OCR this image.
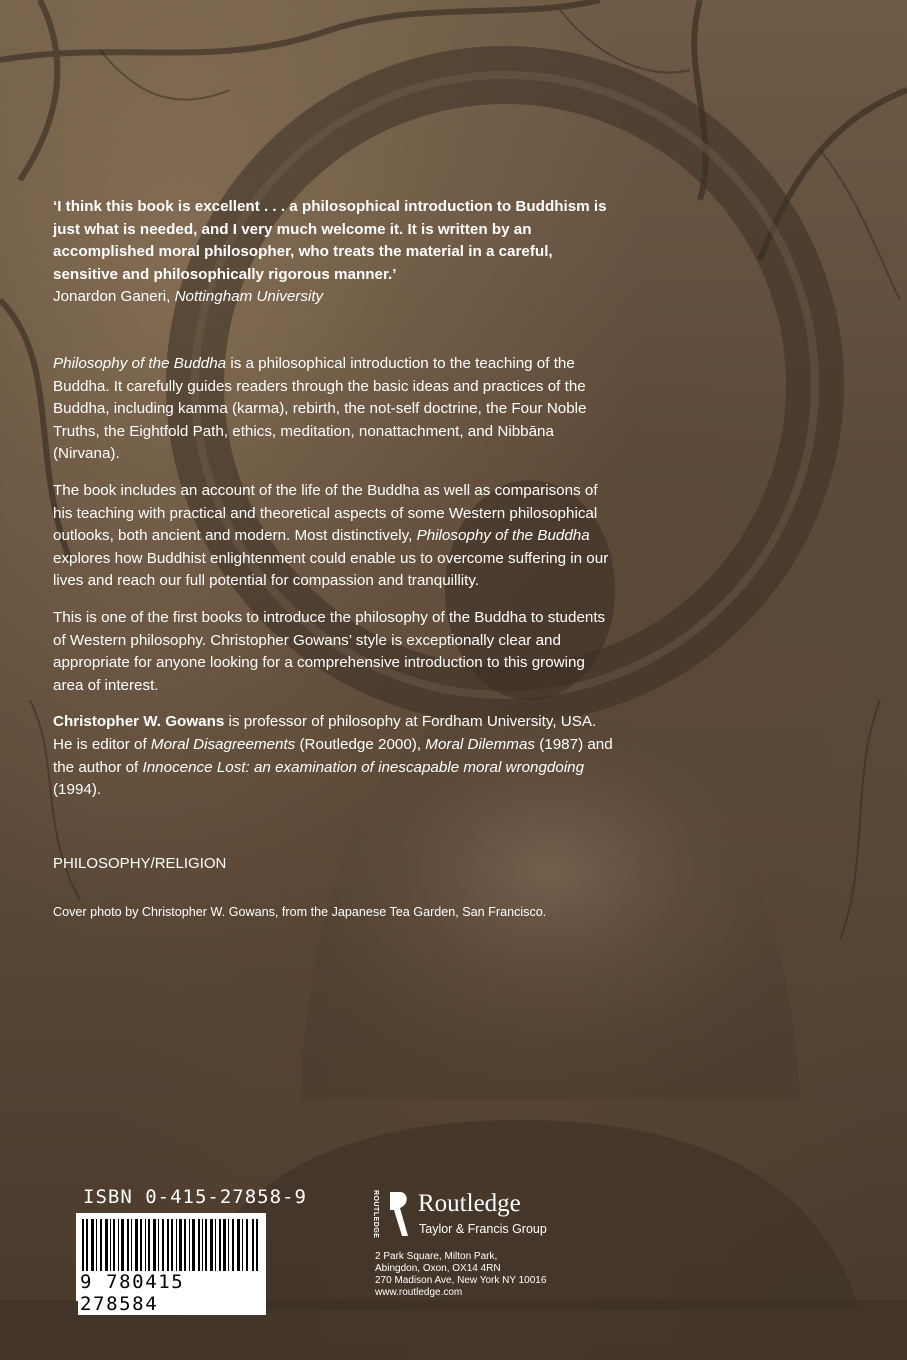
‘I think this book is excellent . . . a philosophical introduction to Buddhism is just what is needed, and I very much welcome it. It is written by an accomplished moral philosopher, who treats the material in a careful, sensitive and philosophically rigorous manner.’
Jonardon Ganeri, Nottingham University

Philosophy of the Buddha is a philosophical introduction to the teaching of the Buddha. It carefully guides readers through the basic ideas and practices of the Buddha, including kamma (karma), rebirth, the not-self doctrine, the Four Noble Truths, the Eightfold Path, ethics, meditation, nonattachment, and Nibbāna (Nirvana).

The book includes an account of the life of the Buddha as well as comparisons of his teaching with practical and theoretical aspects of some Western philosophical outlooks, both ancient and modern. Most distinctively, Philosophy of the Buddha explores how Buddhist enlightenment could enable us to overcome suffering in our lives and reach our full potential for compassion and tranquillity.

This is one of the first books to introduce the philosophy of the Buddha to students of Western philosophy. Christopher Gowans’ style is exceptionally clear and appropriate for anyone looking for a comprehensive introduction to this growing area of interest.

Christopher W. Gowans is professor of philosophy at Fordham University, USA. He is editor of Moral Disagreements (Routledge 2000), Moral Dilemmas (1987) and the author of Innocence Lost: an examination of inescapable moral wrongdoing (1994).

PHILOSOPHY/RELIGION
Cover photo by Christopher W. Gowans, from the Japanese Tea Garden, San Francisco.
ISBN 0-415-27858-9
9 780415 278584
ROUTLEDGE Routledge
Taylor & Francis Group
2 Park Square, Milton Park,
Abingdon, Oxon, OX14 4RN
270 Madison Ave, New York NY 10016
www.routledge.com
